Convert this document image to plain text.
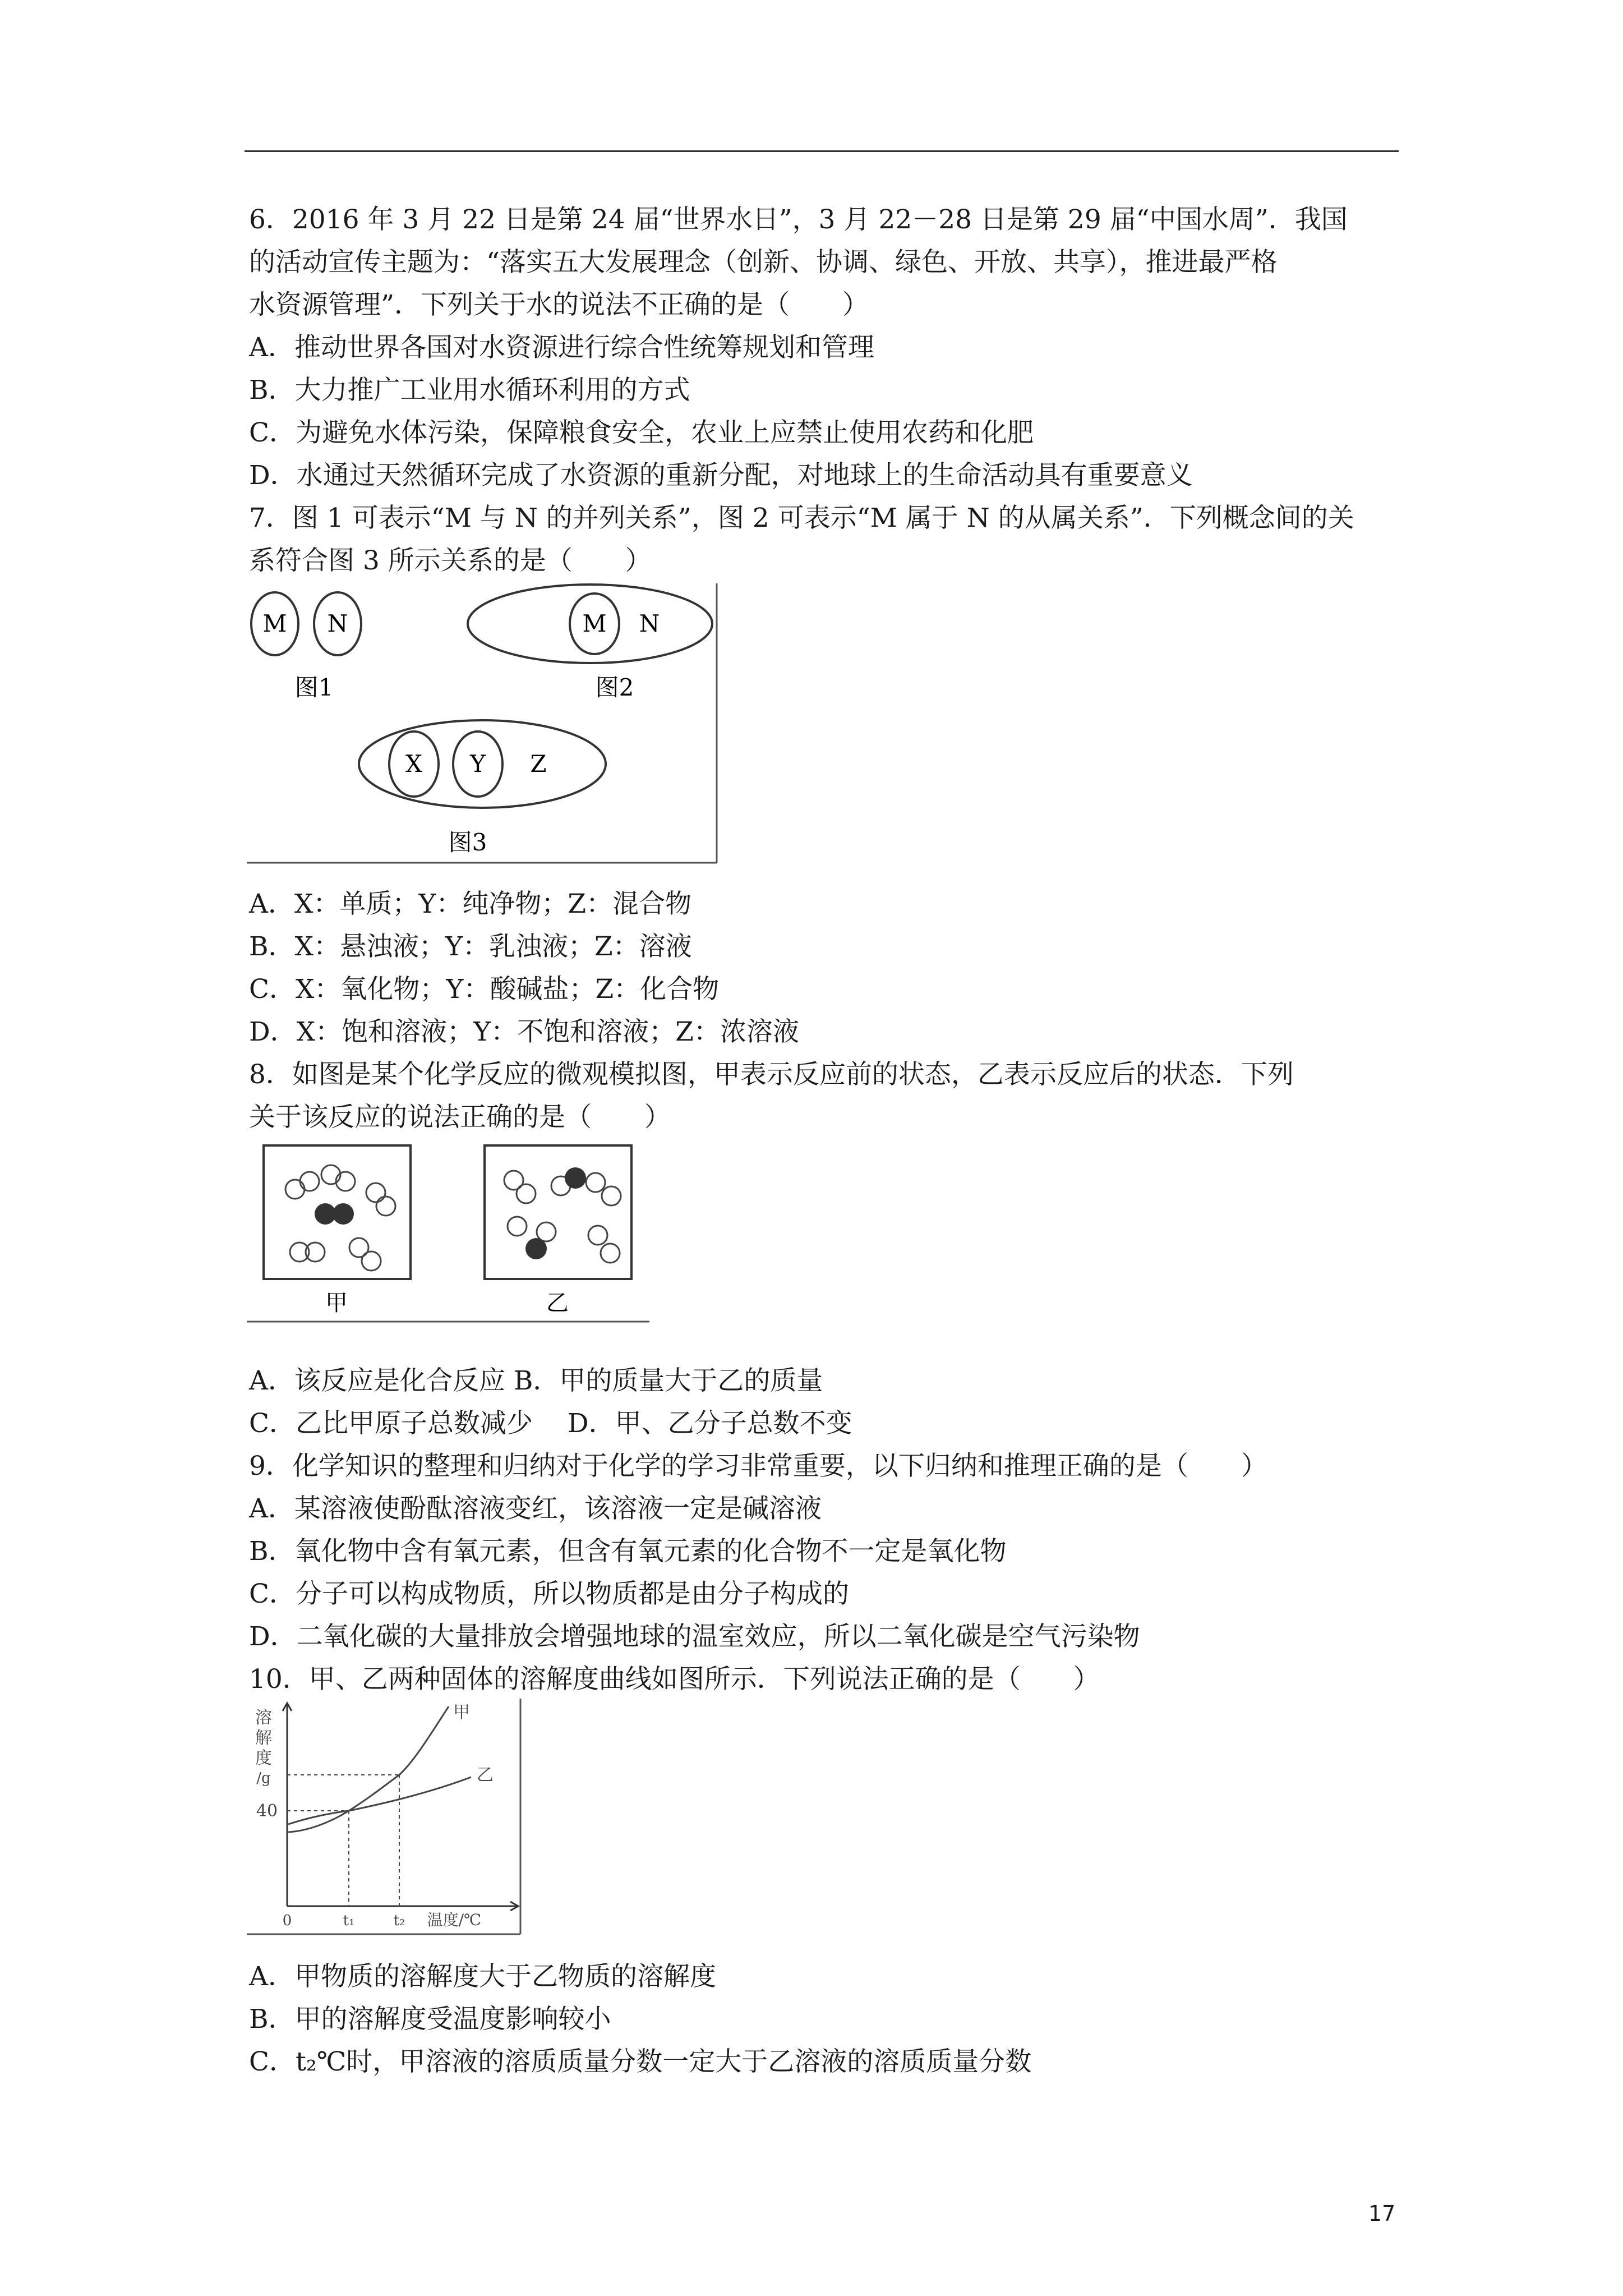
6．2016 年 3 月 22 日是第 24 届“世界水日”，3 月 22－28 日是第 29 届“中国水周”．我国
的活动宣传主题为：“落实五大发展理念（创新、协调、绿色、开放、共享），推进最严格
水资源管理”．下列关于水的说法不正确的是（　　）
A．推动世界各国对水资源进行综合性统筹规划和管理
B．大力推广工业用水循环利用的方式
C．为避免水体污染，保障粮食安全，农业上应禁止使用农药和化肥
D．水通过天然循环完成了水资源的重新分配，对地球上的生命活动具有重要意义
7．图 1 可表示“M 与 N 的并列关系”，图 2 可表示“M 属于 N 的从属关系”．下列概念间的关
系符合图 3 所示关系的是（　　）
M N
图1
M N
图2
X Y Z
图3
A．X：单质；Y：纯净物；Z：混合物
B．X：悬浊液；Y：乳浊液；Z：溶液
C．X：氧化物；Y：酸碱盐；Z：化合物
D．X：饱和溶液；Y：不饱和溶液；Z：浓溶液
8．如图是某个化学反应的微观模拟图，甲表示反应前的状态，乙表示反应后的状态．下列
关于该反应的说法正确的是（　　）
甲	乙
A．该反应是化合反应 B．甲的质量大于乙的质量
C．乙比甲原子总数减少　 D．甲、乙分子总数不变
9．化学知识的整理和归纳对于化学的学习非常重要，以下归纳和推理正确的是（　　）
A．某溶液使酚酞溶液变红，该溶液一定是碱溶液
B．氧化物中含有氧元素，但含有氧元素的化合物不一定是氧化物
C．分子可以构成物质，所以物质都是由分子构成的
D．二氧化碳的大量排放会增强地球的温室效应，所以二氧化碳是空气污染物
10．甲、乙两种固体的溶解度曲线如图所示．下列说法正确的是（　　）
溶
解
度
/g
40
甲
乙
0	t₁	t₂ 温度/℃
A．甲物质的溶解度大于乙物质的溶解度
B．甲的溶解度受温度影响较小
C．t₂℃时，甲溶液的溶质质量分数一定大于乙溶液的溶质质量分数
17
